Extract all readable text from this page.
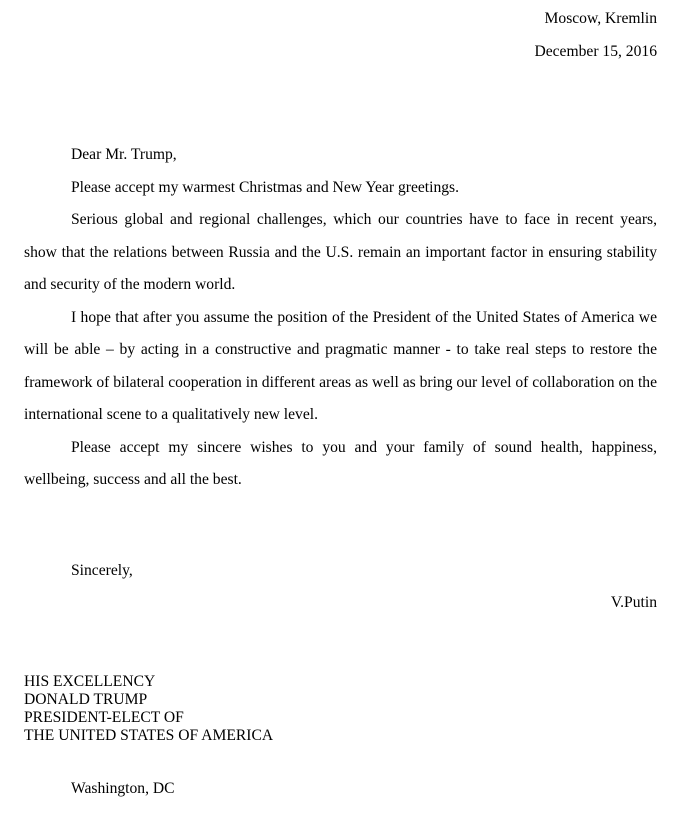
Moscow, Kremlin
December 15, 2016

Dear Mr. Trump,

Please accept my warmest Christmas and New Year greetings.

Serious global and regional challenges, which our countries have to face in recent years, show that the relations between Russia and the U.S. remain an important factor in ensuring stability and security of the modern world.

I hope that after you assume the position of the President of the United States of America we will be able – by acting in a constructive and pragmatic manner - to take real steps to restore the framework of bilateral cooperation in different areas as well as bring our level of collaboration on the international scene to a qualitatively new level.

Please accept my sincere wishes to you and your family of sound health, happiness, wellbeing, success and all the best.

Sincerely,
V.Putin
HIS EXCELLENCY
DONALD TRUMP
PRESIDENT-ELECT OF
THE UNITED STATES OF AMERICA
Washington, DC
